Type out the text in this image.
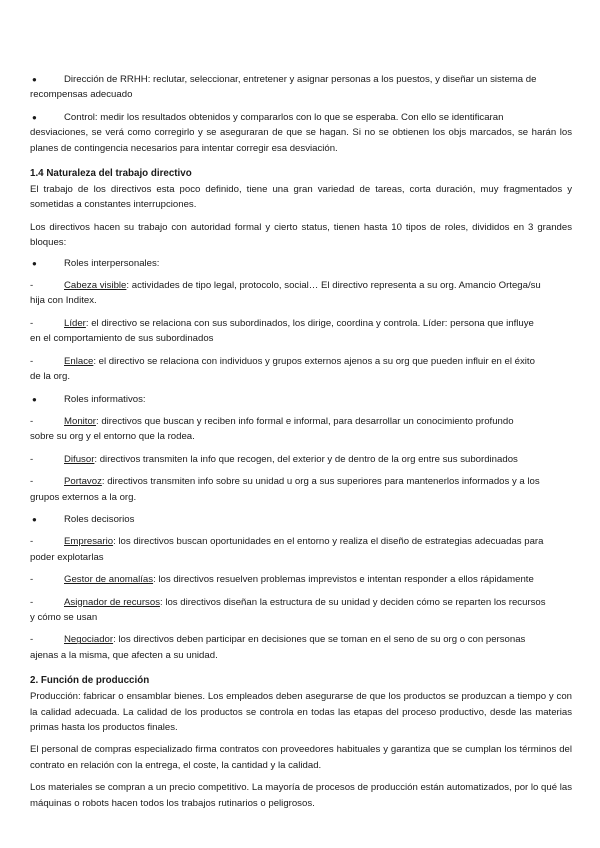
●	Dirección de RRHH: reclutar, seleccionar, entretener y asignar personas a los puestos, y diseñar un sistema de
recompensas adecuado
●	Control: medir los resultados obtenidos y compararlos con lo que se esperaba. Con ello se identificaran
desviaciones, se verá como corregirlo y se aseguraran de que se hagan. Si no se obtienen los objs marcados, se harán los planes de contingencia necesarios para intentar corregir esa desviación.
1.4 Naturaleza del trabajo directivo
El trabajo de los directivos esta poco definido, tiene una gran variedad de tareas, corta duración, muy fragmentados y sometidas a constantes interrupciones.
Los directivos hacen su trabajo con autoridad formal y cierto status, tienen hasta 10 tipos de roles, divididos en 3 grandes bloques:
●	Roles interpersonales:
-	Cabeza visible: actividades de tipo legal, protocolo, social… El directivo representa a su org. Amancio Ortega/su
hija con Inditex.
-	Líder: el directivo se relaciona con sus subordinados, los dirige, coordina y controla. Líder: persona que influye
en el comportamiento de sus subordinados
-	Enlace: el directivo se relaciona con individuos y grupos externos ajenos a su org que pueden influir en el éxito
de la org.
●	Roles informativos:
-	Monitor: directivos que buscan y reciben info formal e informal, para desarrollar un conocimiento profundo
sobre su org y el entorno que la rodea.
-	Difusor: directivos transmiten la info que recogen, del exterior y de dentro de la org entre sus subordinados
-	Portavoz: directivos transmiten info sobre su unidad u org a sus superiores para mantenerlos informados y a los
grupos externos a la org.
●	Roles decisorios
-	Empresario: los directivos buscan oportunidades en el entorno y realiza el diseño de estrategias adecuadas para
poder explotarlas
-	Gestor de anomalías: los directivos resuelven problemas imprevistos e intentan responder a ellos rápidamente
-	Asignador de recursos: los directivos diseñan la estructura de su unidad y deciden cómo se reparten los recursos
y cómo se usan
-	Negociador: los directivos deben participar en decisiones que se toman en el seno de su org o con personas
ajenas a la misma, que afecten a su unidad.
2. Función de producción
Producción: fabricar o ensamblar bienes. Los empleados deben asegurarse de que los productos se produzcan a tiempo y con la calidad adecuada. La calidad de los productos se controla en todas las etapas del proceso productivo, desde las materias primas hasta los productos finales.
El personal de compras especializado firma contratos con proveedores habituales y garantiza que se cumplan los términos del contrato en relación con la entrega, el coste, la cantidad y la calidad.
Los materiales se compran a un precio competitivo. La mayoría de procesos de producción están automatizados, por lo qué las máquinas o robots hacen todos los trabajos rutinarios o peligrosos.
